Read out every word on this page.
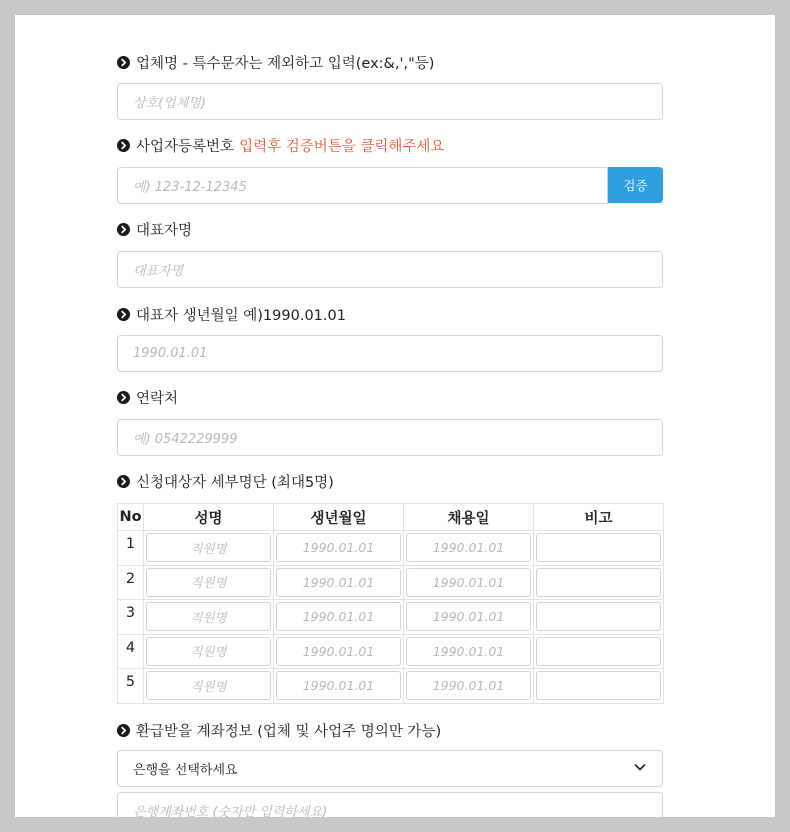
업체명 - 특수문자는 제외하고 입력(ex:&,',"등)
상호(업체명)
사업자등록번호 입력후 검증버튼을 클릭해주세요
예) 123-12-12345	검증
대표자명
대표자명
대표자 생년월일 예)1990.01.01
1990.01.01
연락처
예) 0542229999
신청대상자 세부명단 (최대5명)
No	성명	생년월일	채용일	비고
1	직원명	1990.01.01	1990.01.01	

2	직원명	1990.01.01	1990.01.01	

3	직원명	1990.01.01	1990.01.01	

4	직원명	1990.01.01	1990.01.01	

5	직원명	1990.01.01	1990.01.01	

환급받을 계좌정보 (업체 및 사업주 명의만 가능)
은행을 선택하세요
은행계좌번호 (숫자만 입력하세요)
